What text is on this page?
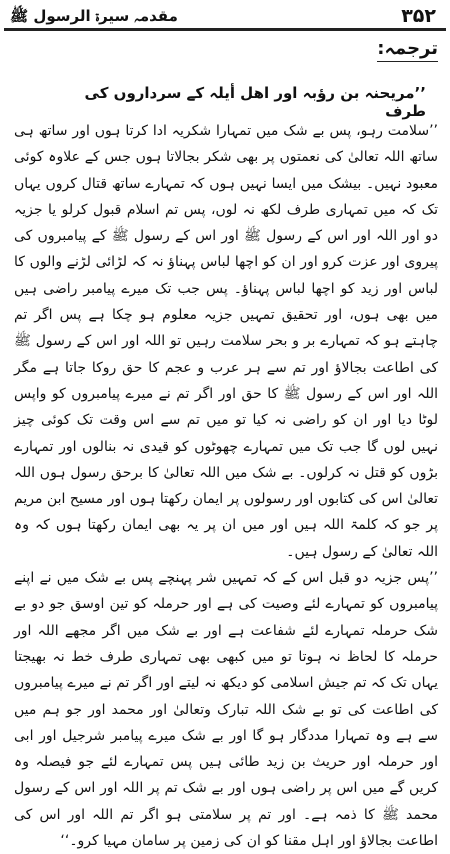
۳۵۲
مقدمہ سیرۃ الرسول ﷺ
ترجمہ:
’’مریحنہ بن رؤبہ اور اھل أیلہ کے سرداروں کی طرف

’’سلامت رہو، پس بے شک میں تمہارا شکریہ ادا کرتا ہوں اور ساتھ ہی ساتھ اللہ تعالیٰ کی نعمتوں پر بھی شکر بجالاتا ہوں جس کے علاوہ کوئی معبود نہیں۔ بیشک میں ایسا نہیں ہوں کہ تمہارے ساتھ قتال کروں یہاں تک کہ میں تمہاری طرف لکھ نہ لوں، پس تم اسلام قبول کرلو یا جزیہ دو اور اللہ اور اس کے رسول ﷺ اور اس کے رسول ﷺ کے پیامبروں کی پیروی اور عزت کرو اور ان کو اچھا لباس پہناؤ نہ کہ لڑائی لڑنے والوں کا لباس اور زید کو اچھا لباس پہناؤ۔ پس جب تک میرے پیامبر راضی ہیں میں بھی ہوں، اور تحقیق تمہیں جزیہ معلوم ہو چکا ہے پس اگر تم چاہتے ہو کہ تمہارے بر و بحر سلامت رہیں تو اللہ اور اس کے رسول ﷺ کی اطاعت بجالاؤ اور تم سے ہر عرب و عجم کا حق روکا جاتا ہے مگر اللہ اور اس کے رسول ﷺ کا حق اور اگر تم نے میرے پیامبروں کو واپس لوٹا دیا اور ان کو راضی نہ کیا تو میں تم سے اس وقت تک کوئی چیز نہیں لوں گا جب تک میں تمہارے چھوٹوں کو قیدی نہ بنالوں اور تمہارے بڑوں کو قتل نہ کرلوں۔ بے شک میں اللہ تعالیٰ کا برحق رسول ہوں اللہ تعالیٰ اس کی کتابوں اور رسولوں پر ایمان رکھتا ہوں اور مسیح ابن مریم پر جو کہ کلمۃ اللہ ہیں اور میں ان پر یہ بھی ایمان رکھتا ہوں کہ وہ اللہ تعالیٰ کے رسول ہیں۔

’’پس جزیہ دو قبل اس کے کہ تمہیں شر پہنچے پس بے شک میں نے اپنے پیامبروں کو تمہارے لئے وصیت کی ہے اور حرملہ کو تین اوسق جو دو بے شک حرملہ تمہارے لئے شفاعت ہے اور بے شک میں اگر مجھے اللہ اور حرملہ کا لحاظ نہ ہوتا تو میں کبھی بھی تمہاری طرف خط نہ بھیجتا یہاں تک کہ تم جیش اسلامی کو دیکھ نہ لیتے اور اگر تم نے میرے پیامبروں کی اطاعت کی تو بے شک اللہ تبارک وتعالیٰ اور محمد اور جو ہم میں سے ہے وہ تمہارا مددگار ہو گا اور بے شک میرے پیامبر شرجیل اور ابی اور حرملہ اور حریث بن زید طائی ہیں پس تمہارے لئے جو فیصلہ وہ کریں گے میں اس پر راضی ہوں اور بے شک تم پر اللہ اور اس کے رسول محمد ﷺ کا ذمہ ہے۔ اور تم پر سلامتی ہو اگر تم اللہ اور اس کی اطاعت بجالاؤ اور اہل مقنا کو ان کی زمین پر سامان مہیا کرو۔‘‘
